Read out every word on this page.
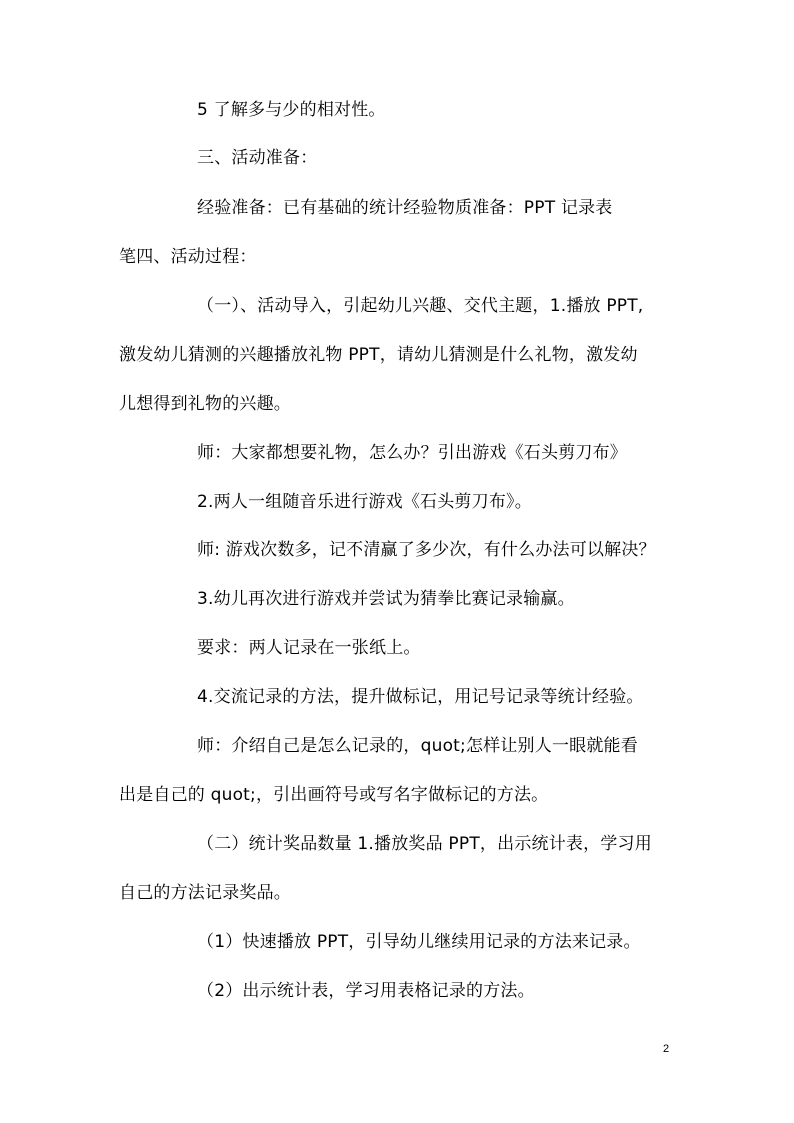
5 了解多与少的相对性。
三、活动准备：
经验准备：已有基础的统计经验物质准备：PPT 记录表
笔四、活动过程：
（一）、活动导入，引起幼儿兴趣、交代主题，1.播放 PPT,
激发幼儿猜测的兴趣播放礼物 PPT，请幼儿猜测是什么礼物，激发幼
儿想得到礼物的兴趣。
师：大家都想要礼物，怎么办？引出游戏《石头剪刀布》
2.两人一组随音乐进行游戏《石头剪刀布》。
师: 游戏次数多，记不清赢了多少次，有什么办法可以解决？
3.幼儿再次进行游戏并尝试为猜拳比赛记录输赢。
要求：两人记录在一张纸上。
4.交流记录的方法，提升做标记，用记号记录等统计经验。
师：介绍自己是怎么记录的，quot;怎样让别人一眼就能看
出是自己的 quot;，引出画符号或写名字做标记的方法。
（二）统计奖品数量 1.播放奖品 PPT，出示统计表，学习用
自己的方法记录奖品。
（1）快速播放 PPT，引导幼儿继续用记录的方法来记录。
（2）出示统计表，学习用表格记录的方法。
2
